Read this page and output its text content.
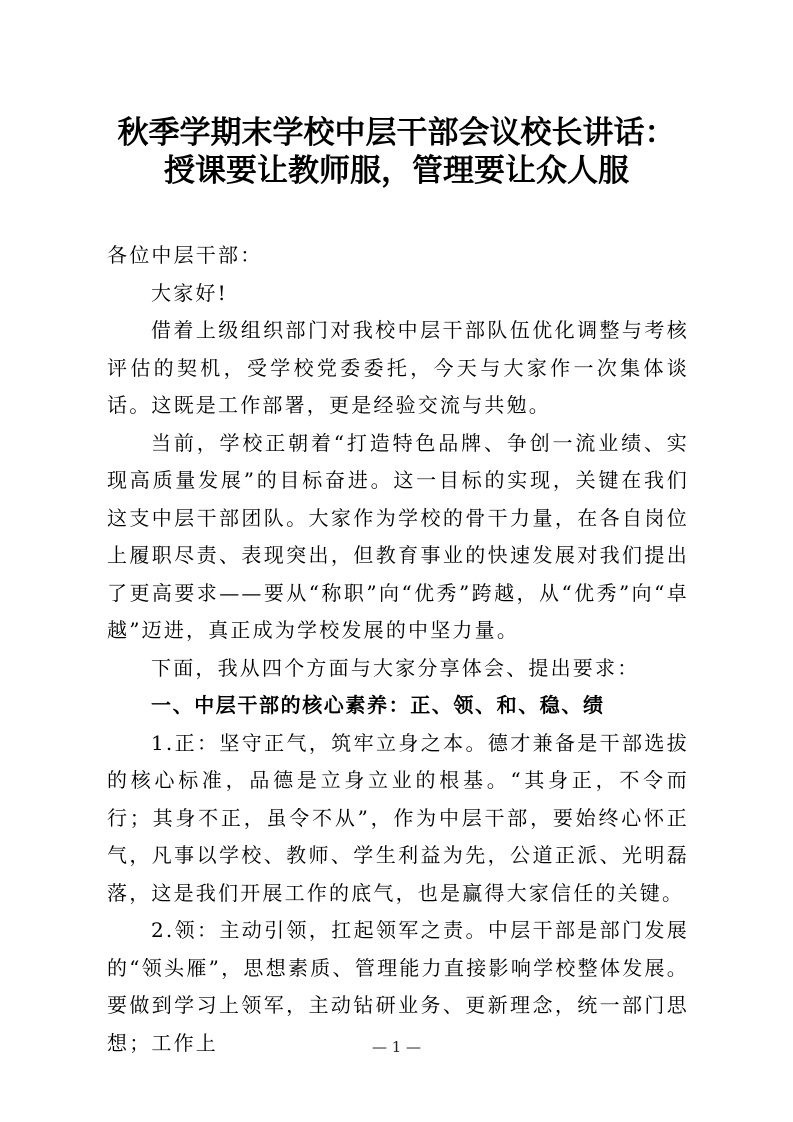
秋季学期末学校中层干部会议校长讲话：
授课要让教师服，管理要让众人服

各位中层干部：

大家好!

借着上级组织部门对我校中层干部队伍优化调整与考核评估的契机，受学校党委委托，今天与大家作一次集体谈话。这既是工作部署，更是经验交流与共勉。

当前，学校正朝着“打造特色品牌、争创一流业绩、实现高质量发展”的目标奋进。这一目标的实现，关键在我们这支中层干部团队。大家作为学校的骨干力量，在各自岗位上履职尽责、表现突出，但教育事业的快速发展对我们提出了更高要求——要从“称职”向“优秀”跨越，从“优秀”向“卓越”迈进，真正成为学校发展的中坚力量。

下面，我从四个方面与大家分享体会、提出要求：

一、中层干部的核心素养：正、领、和、稳、绩

1.正：坚守正气，筑牢立身之本。德才兼备是干部选拔的核心标准，品德是立身立业的根基。“其身正，不令而行；其身不正，虽令不从”，作为中层干部，要始终心怀正气，凡事以学校、教师、学生利益为先，公道正派、光明磊落，这是我们开展工作的底气，也是赢得大家信任的关键。

2.领：主动引领，扛起领军之责。中层干部是部门发展的“领头雁”，思想素质、管理能力直接影响学校整体发展。要做到学习上领军，主动钻研业务、更新理念，统一部门思想；工作上	— 1 —
